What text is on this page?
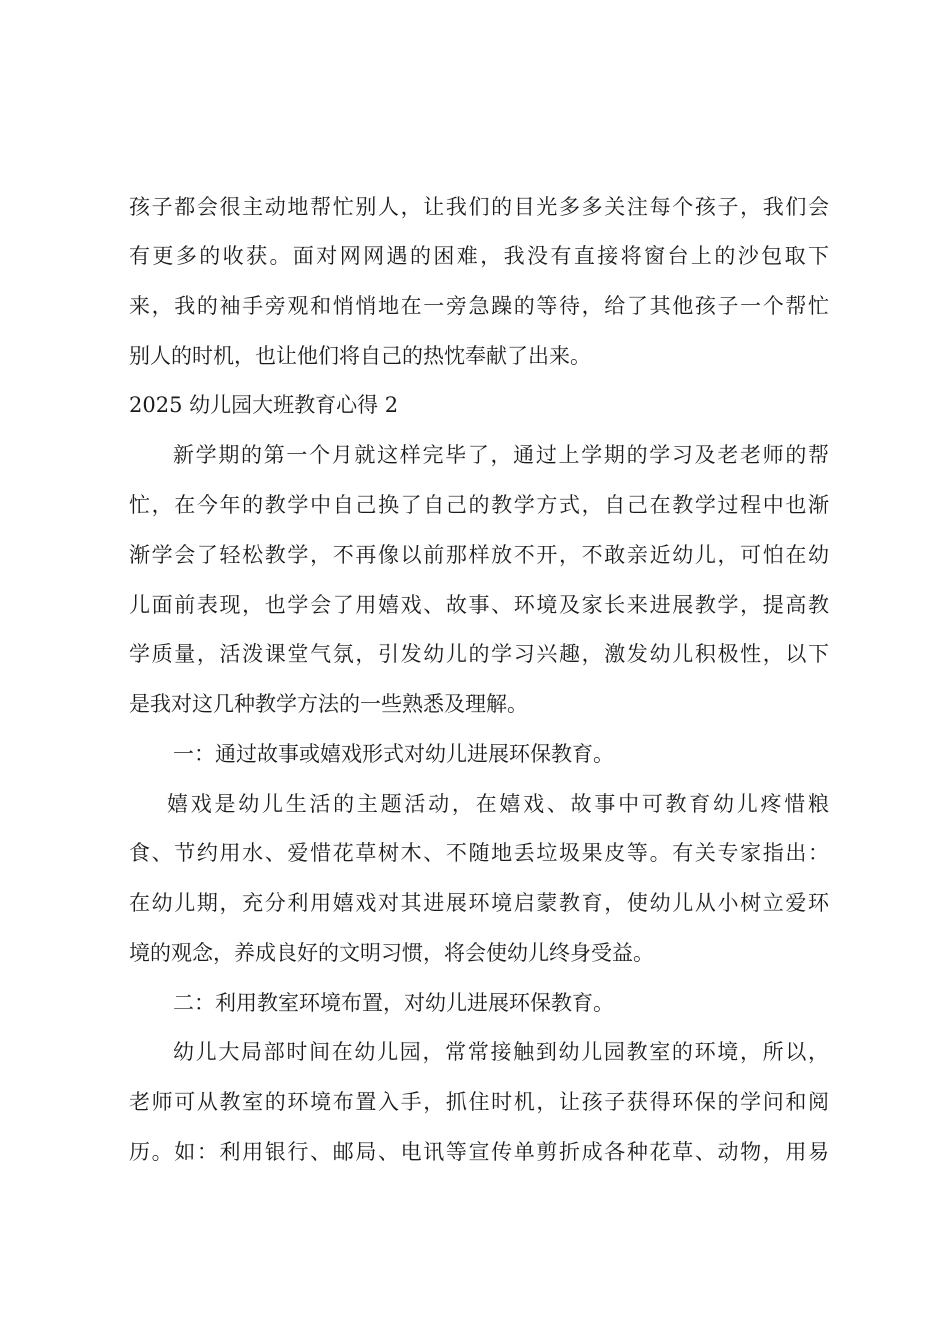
孩子都会很主动地帮忙别人，让我们的目光多多关注每个孩子，我们会
有更多的收获。面对网网遇的困难，我没有直接将窗台上的沙包取下
来，我的袖手旁观和悄悄地在一旁急躁的等待，给了其他孩子一个帮忙
别人的时机，也让他们将自己的热忱奉献了出来。
2025 幼儿园大班教育心得 2
新学期的第一个月就这样完毕了，通过上学期的学习及老老师的帮
忙，在今年的教学中自己换了自己的教学方式，自己在教学过程中也渐
渐学会了轻松教学，不再像以前那样放不开，不敢亲近幼儿，可怕在幼
儿面前表现，也学会了用嬉戏、故事、环境及家长来进展教学，提高教
学质量，活泼课堂气氛，引发幼儿的学习兴趣，激发幼儿积极性，以下
是我对这几种教学方法的一些熟悉及理解。
一：通过故事或嬉戏形式对幼儿进展环保教育。
嬉戏是幼儿生活的主题活动，在嬉戏、故事中可教育幼儿疼惜粮
食、节约用水、爱惜花草树木、不随地丢垃圾果皮等。有关专家指出：
在幼儿期，充分利用嬉戏对其进展环境启蒙教育，使幼儿从小树立爱环
境的观念，养成良好的文明习惯，将会使幼儿终身受益。
二：利用教室环境布置，对幼儿进展环保教育。
幼儿大局部时间在幼儿园，常常接触到幼儿园教室的环境，所以，
老师可从教室的环境布置入手，抓住时机，让孩子获得环保的学问和阅
历。如：利用银行、邮局、电讯等宣传单剪折成各种花草、动物，用易
